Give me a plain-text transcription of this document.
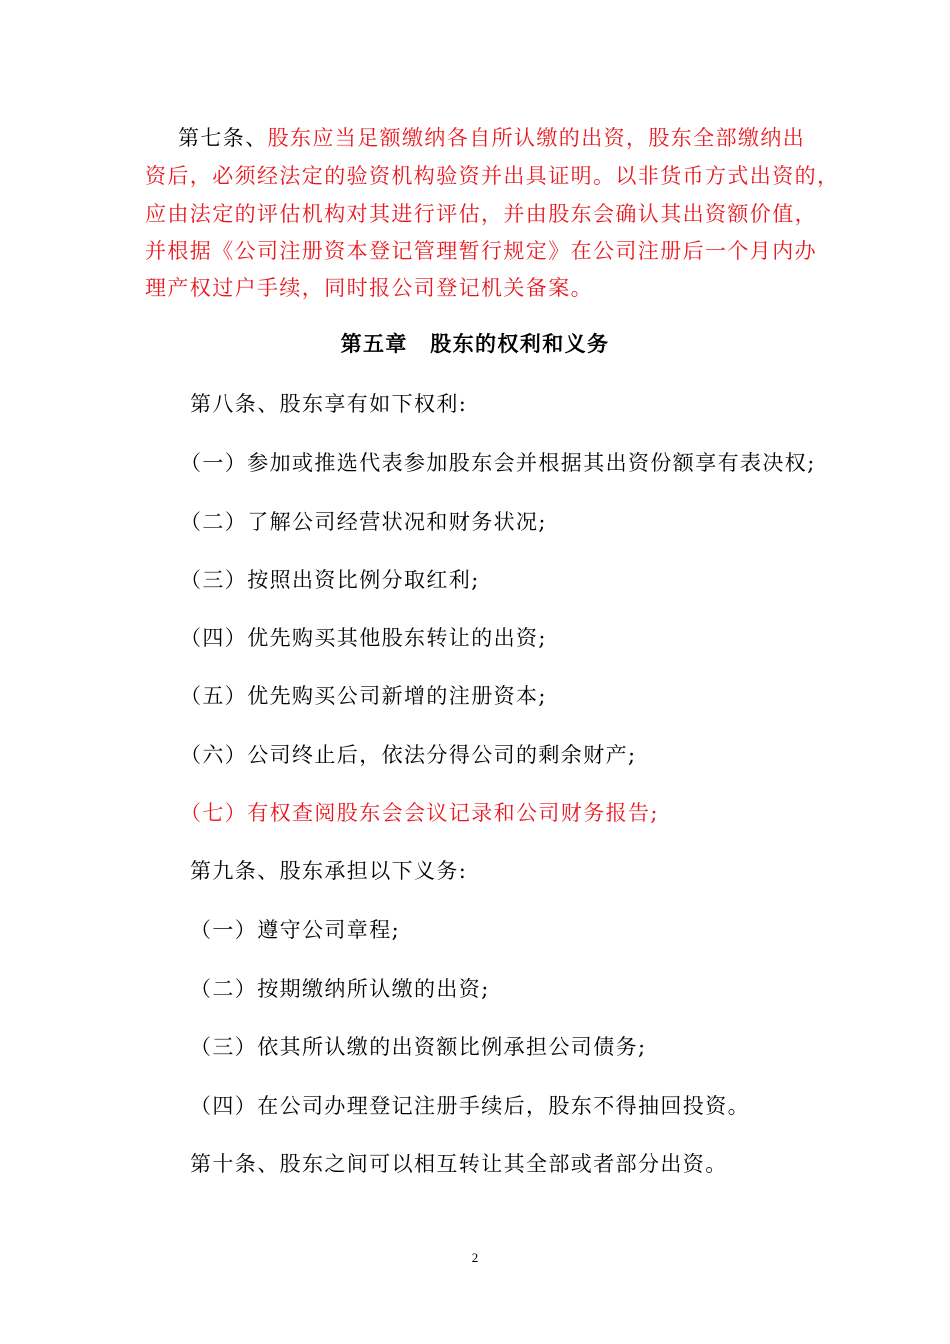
第七条、股东应当足额缴纳各自所认缴的出资，股东全部缴纳出
资后，必须经法定的验资机构验资并出具证明。以非货币方式出资的，
应由法定的评估机构对其进行评估，并由股东会确认其出资额价值，
并根据《公司注册资本登记管理暂行规定》在公司注册后一个月内办
理产权过户手续，同时报公司登记机关备案。
第五章　股东的权利和义务
第八条、股东享有如下权利:
（一）参加或推选代表参加股东会并根据其出资份额享有表决权;
（二）了解公司经营状况和财务状况;
（三）按照出资比例分取红利;
（四）优先购买其他股东转让的出资;
（五）优先购买公司新增的注册资本;
（六）公司终止后，依法分得公司的剩余财产;
（七）有权查阅股东会会议记录和公司财务报告;
第九条、股东承担以下义务:
（一）遵守公司章程;
（二）按期缴纳所认缴的出资;
（三）依其所认缴的出资额比例承担公司债务;
（四）在公司办理登记注册手续后，股东不得抽回投资。
第十条、股东之间可以相互转让其全部或者部分出资。
2
